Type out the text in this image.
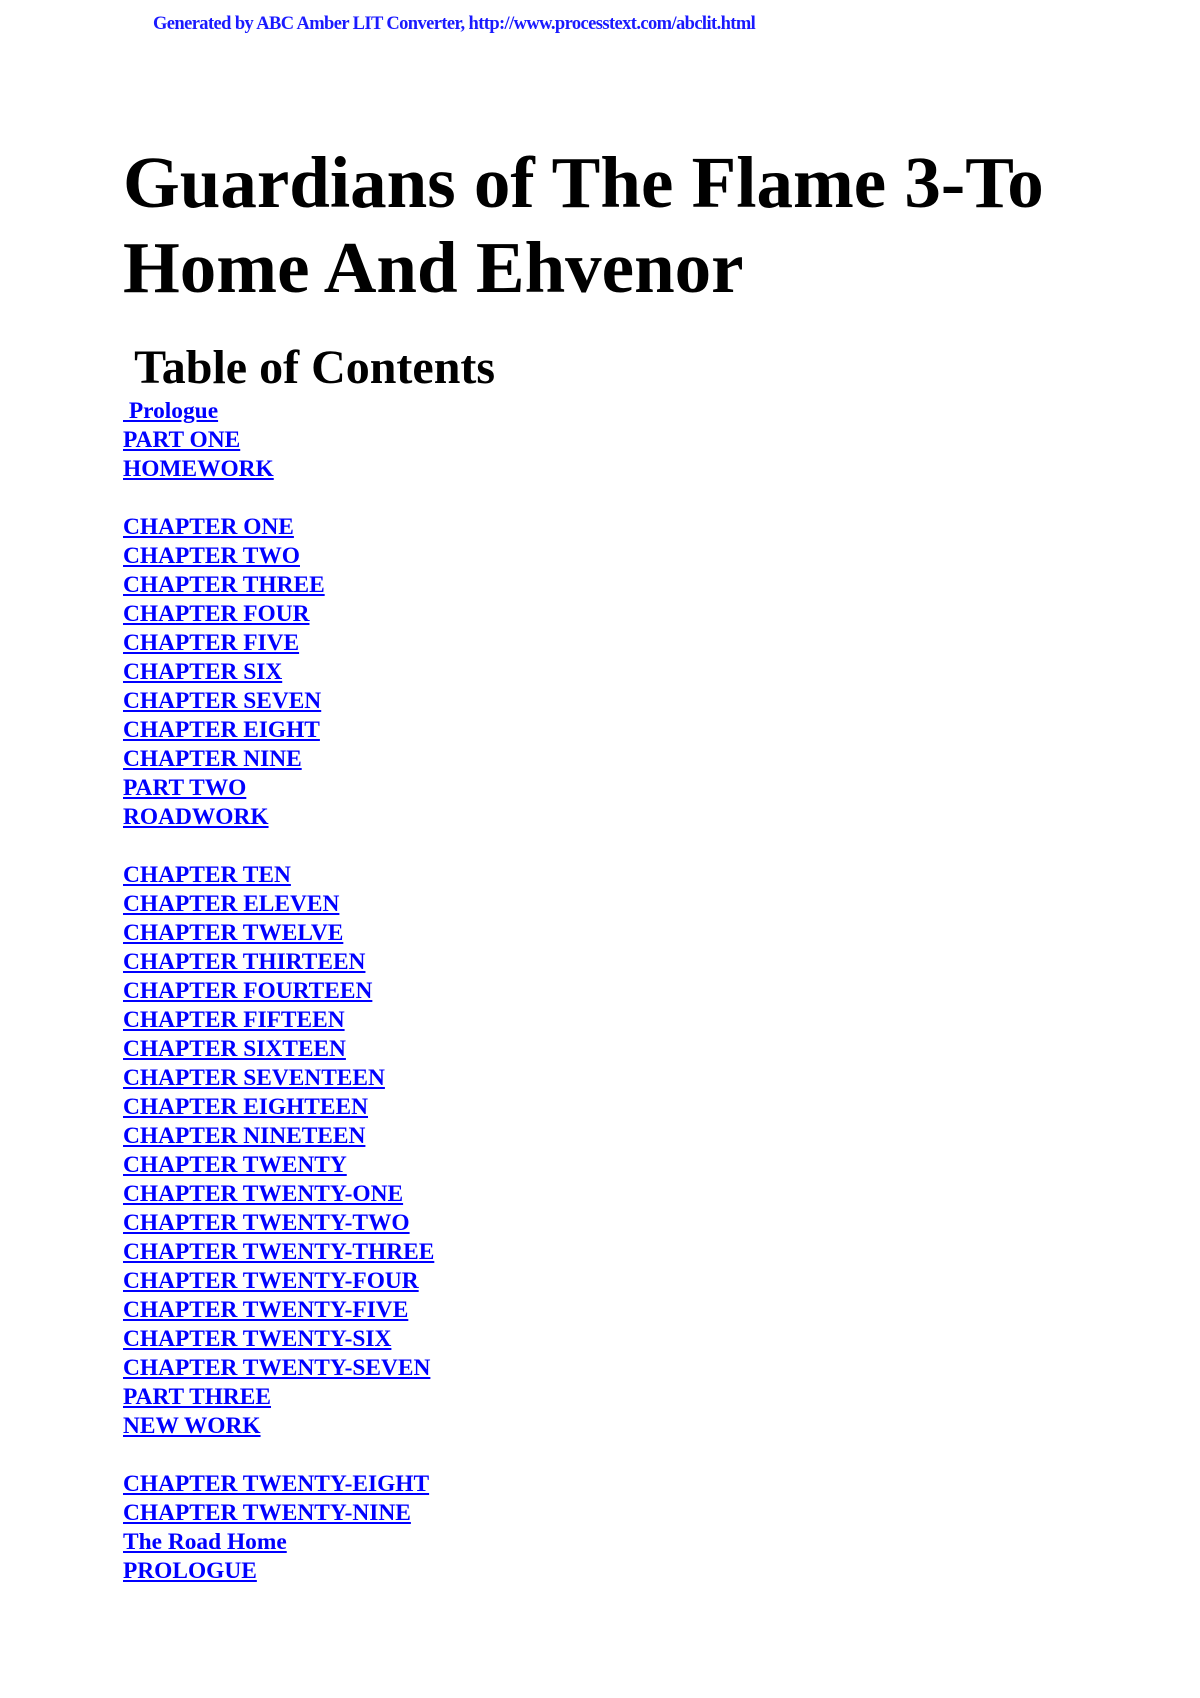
Generated by ABC Amber LIT Converter, http://www.processtext.com/abclit.html
Guardians of The Flame 3-To Home And Ehvenor
Table of Contents
Prologue
PART ONE
HOMEWORK
CHAPTER ONE
CHAPTER TWO
CHAPTER THREE
CHAPTER FOUR
CHAPTER FIVE
CHAPTER SIX
CHAPTER SEVEN
CHAPTER EIGHT
CHAPTER NINE
PART TWO
ROADWORK
CHAPTER TEN
CHAPTER ELEVEN
CHAPTER TWELVE
CHAPTER THIRTEEN
CHAPTER FOURTEEN
CHAPTER FIFTEEN
CHAPTER SIXTEEN
CHAPTER SEVENTEEN
CHAPTER EIGHTEEN
CHAPTER NINETEEN
CHAPTER TWENTY
CHAPTER TWENTY-ONE
CHAPTER TWENTY-TWO
CHAPTER TWENTY-THREE
CHAPTER TWENTY-FOUR
CHAPTER TWENTY-FIVE
CHAPTER TWENTY-SIX
CHAPTER TWENTY-SEVEN
PART THREE
NEW WORK
CHAPTER TWENTY-EIGHT
CHAPTER TWENTY-NINE
The Road Home
PROLOGUE
